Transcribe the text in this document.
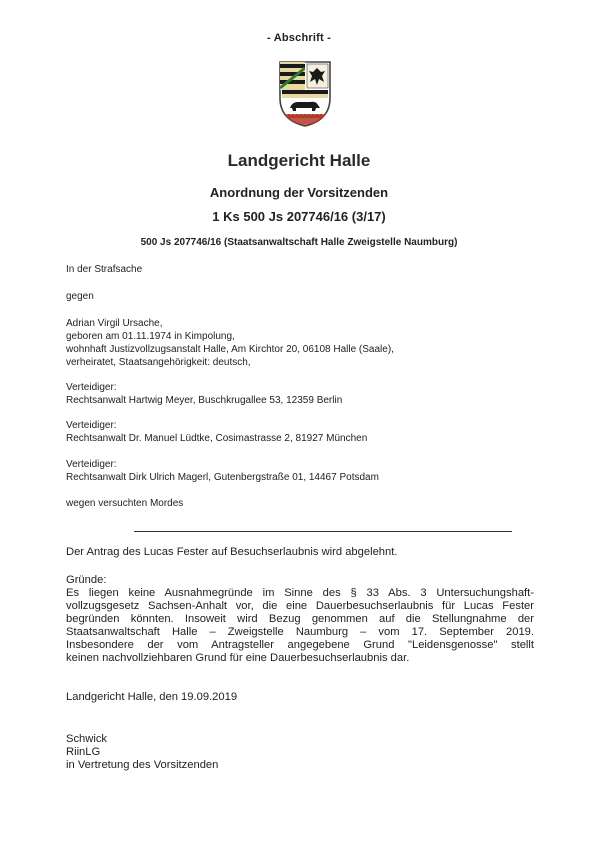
- Abschrift -
Landgericht Halle
Anordnung der Vorsitzenden
1 Ks 500 Js 207746/16 (3/17)
500 Js 207746/16 (Staatsanwaltschaft Halle Zweigstelle Naumburg)
In der Strafsache
gegen
Adrian Virgil Ursache,
geboren am 01.11.1974 in Kimpolung,
wohnhaft Justizvollzugsanstalt Halle, Am Kirchtor 20, 06108 Halle (Saale),
verheiratet, Staatsangehörigkeit: deutsch,
Verteidiger:
Rechtsanwalt Hartwig Meyer, Buschkrugallee 53, 12359 Berlin
Verteidiger:
Rechtsanwalt Dr. Manuel Lüdtke, Cosimastrasse 2, 81927 München
Verteidiger:
Rechtsanwalt Dirk Ulrich Magerl, Gutenbergstraße 01, 14467 Potsdam
wegen versuchten Mordes
Der Antrag des Lucas Fester auf Besuchserlaubnis wird abgelehnt.
Gründe:
Es liegen keine Ausnahmegründe im Sinne des § 33 Abs. 3 Untersuchungshaft-
vollzugsgesetz Sachsen-Anhalt vor, die eine Dauerbesuchserlaubnis für Lucas Fester
begründen könnten. Insoweit wird Bezug genommen auf die Stellungnahme der
Staatsanwaltschaft Halle – Zweigstelle Naumburg – vom 17. September 2019.
Insbesondere der vom Antragsteller angegebene Grund "Leidensgenosse" stellt
keinen nachvollziehbaren Grund für eine Dauerbesuchserlaubnis dar.
Landgericht Halle, den 19.09.2019
Schwick
RiinLG
in Vertretung des Vorsitzenden
